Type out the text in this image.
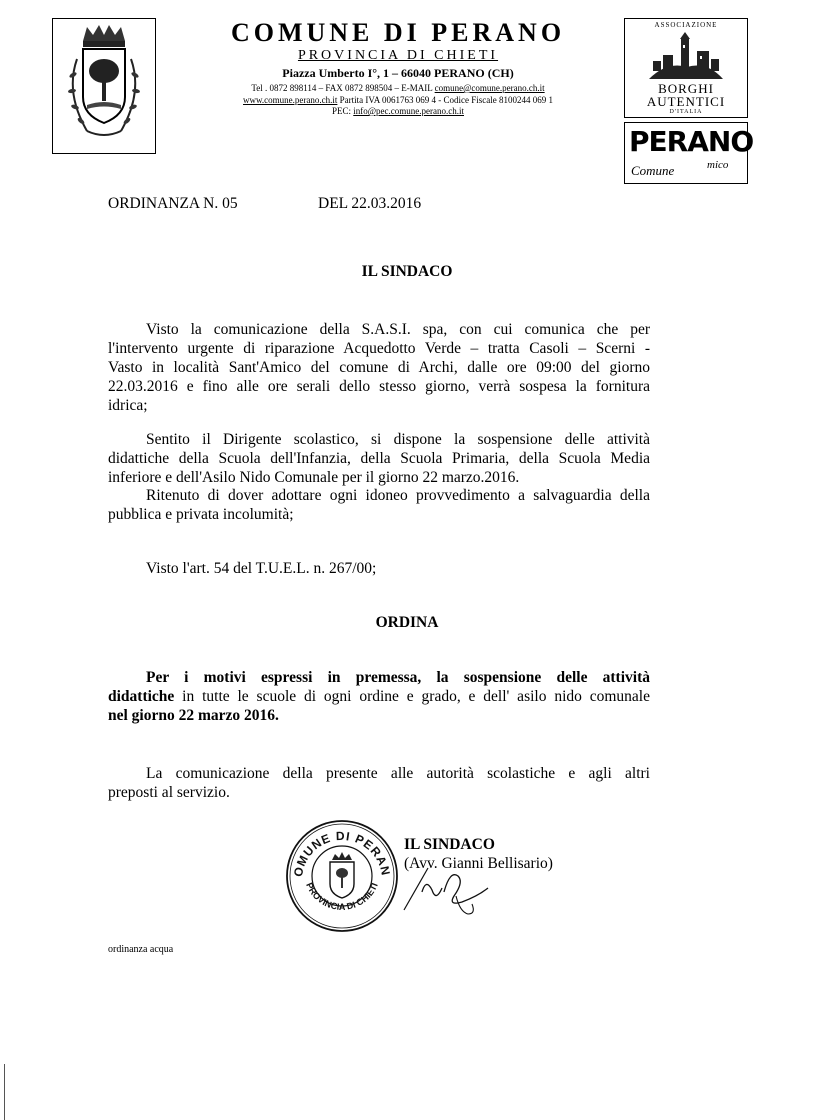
COMUNE DI PERANO
PROVINCIA DI CHIETI
Piazza Umberto I°, 1 – 66040 PERANO (CH)
Tel . 0872 898114 – FAX 0872 898504 – E-MAIL comune@comune.perano.ch.it
www.comune.perano.ch.it Partita IVA 0061763 069 4 - Codice Fiscale 8100244 069 1
PEC: info@pec.comune.perano.ch.it
ASSOCIAZIONE
BORGHI
AUTENTICI
D'ITALIA
PERANO
Comune	mico
ORDINANZA N. 05	DEL 22.03.2016
IL SINDACO
Visto la comunicazione della S.A.S.I. spa, con cui comunica che per
l'intervento urgente di riparazione Acquedotto Verde – tratta Casoli – Scerni -
Vasto in località Sant'Amico del comune di Archi, dalle ore 09:00 del giorno
22.03.2016 e fino alle ore serali dello stesso giorno, verrà sospesa la fornitura
idrica;
Sentito il Dirigente scolastico, si dispone la sospensione delle attività
didattiche della Scuola dell'Infanzia, della Scuola Primaria, della Scuola Media
inferiore e dell'Asilo Nido Comunale per il giorno 22 marzo.2016.
Ritenuto di dover adottare ogni idoneo provvedimento a salvaguardia della
pubblica e privata incolumità;
Visto l'art. 54 del T.U.E.L. n. 267/00;
ORDINA
Per i motivi espressi in premessa, la sospensione delle attività
didattiche in tutte le scuole di ogni ordine e grado, e dell' asilo nido comunale
nel giorno 22 marzo 2016.
La comunicazione della presente alle autorità scolastiche e agli altri
preposti al servizio.
OMUNE DI PERAN
PROVINCIA DI CHIETI
IL SINDACO
(Avv. Gianni Bellisario)
ordinanza acqua
